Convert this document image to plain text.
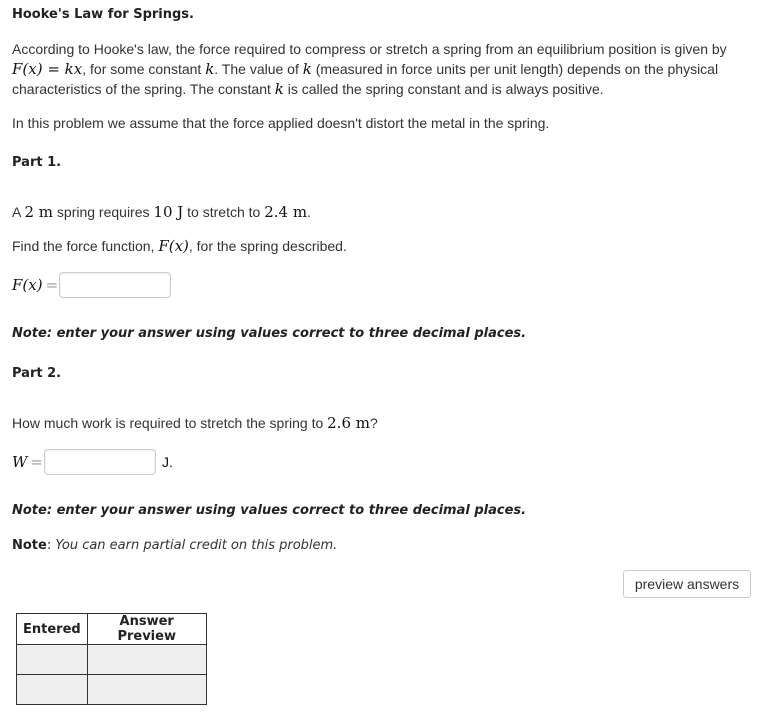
Hooke's Law for Springs.
According to Hooke's law, the force required to compress or stretch a spring from an equilibrium position is given by
F(x) = kx, for some constant k. The value of k (measured in force units per unit length) depends on the physical
characteristics of the spring. The constant k is called the spring constant and is always positive.
In this problem we assume that the force applied doesn't distort the metal in the spring.
Part 1.
A 2 m spring requires 10 J to stretch to 2.4 m.
Find the force function, F(x), for the spring described.
F(x) =
Note: enter your answer using values correct to three decimal places.
Part 2.
How much work is required to stretch the spring to 2.6 m?
W =	J.
Note: enter your answer using values correct to three decimal places.
Note: You can earn partial credit on this problem.
preview answers
Entered	Answer Preview
